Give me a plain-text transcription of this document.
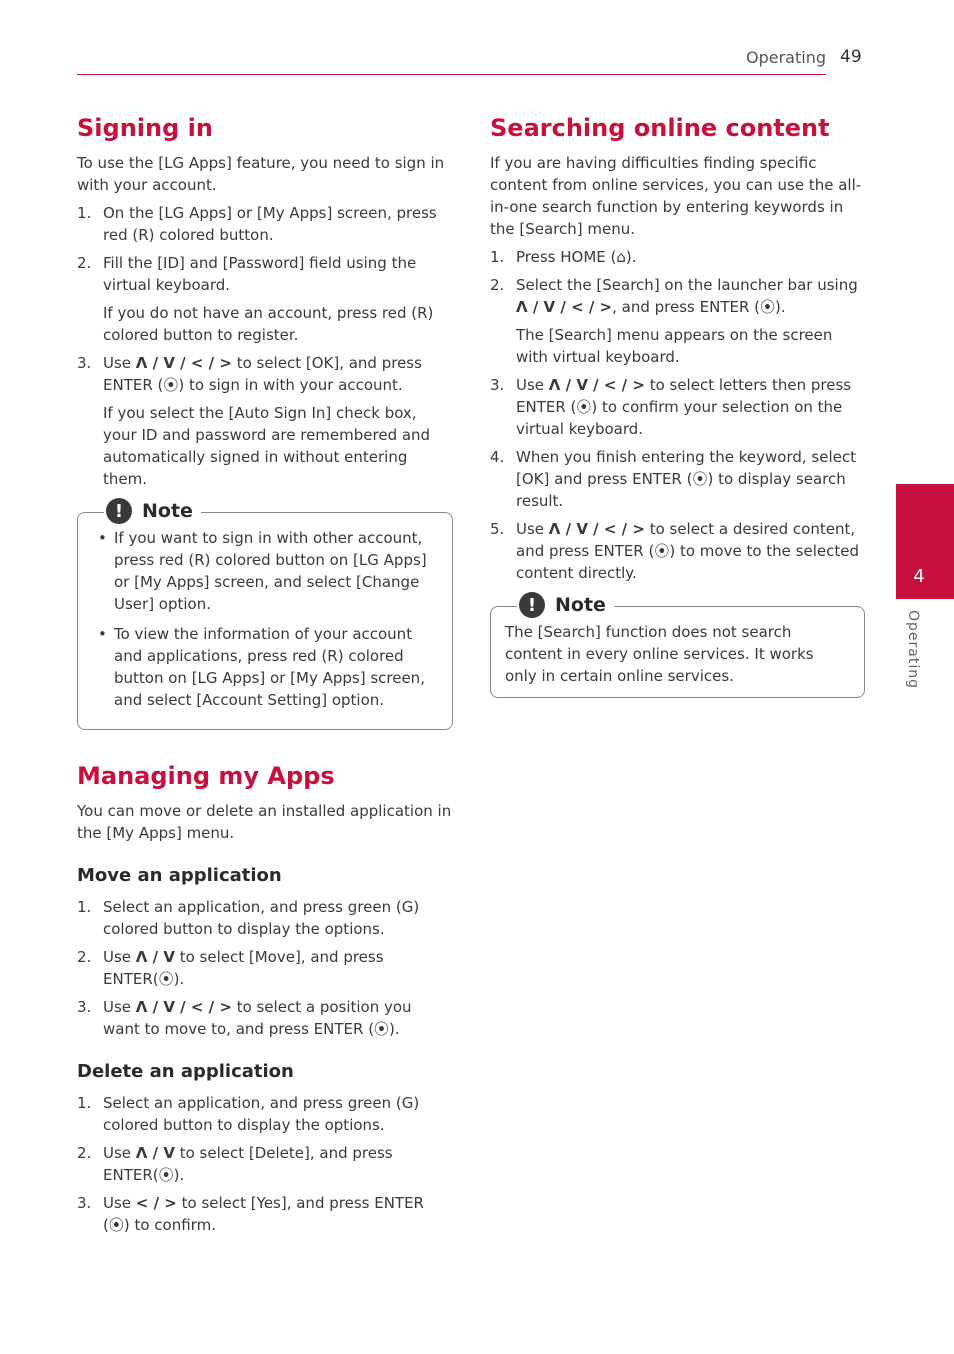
Operating 49
Signing in

To use the [LG Apps] feature, you need to sign in with your account.

1. On the [LG Apps] or [My Apps] screen, press red (R) colored button.
2. Fill the [ID] and [Password] field using the virtual keyboard.
If you do not have an account, press red (R) colored button to register.
3. Use Λ / V / < / > to select [OK], and press ENTER (⦿) to sign in with your account.
If you select the [Auto Sign In] check box, your ID and password are remembered and automatically signed in without entering them.
! Note
• If you want to sign in with other account, press red (R) colored button on [LG Apps] or [My Apps] screen, and select [Change User] option.
• To view the information of your account and applications, press red (R) colored button on [LG Apps] or [My Apps] screen, and select [Account Setting] option.
Managing my Apps

You can move or delete an installed application in the [My Apps] menu.

Move an application
1. Select an application, and press green (G) colored button to display the options.
2. Use Λ / V to select [Move], and press ENTER(⦿).
3. Use Λ / V / < / > to select a position you want to move to, and press ENTER (⦿).
Delete an application
1. Select an application, and press green (G) colored button to display the options.
2. Use Λ / V to select [Delete], and press ENTER(⦿).
3. Use < / > to select [Yes], and press ENTER (⦿) to confirm.
Searching online content

If you are having difficulties finding specific content from online services, you can use the all-in-one search function by entering keywords in the [Search] menu.

1. Press HOME (⌂).
2. Select the [Search] on the launcher bar using Λ / V / < / >, and press ENTER (⦿).
The [Search] menu appears on the screen with virtual keyboard.
3. Use Λ / V / < / > to select letters then press ENTER (⦿) to confirm your selection on the virtual keyboard.
4. When you finish entering the keyword, select [OK] and press ENTER (⦿) to display search result.
5. Use Λ / V / < / > to select a desired content, and press ENTER (⦿) to move to the selected content directly.
! Note

The [Search] function does not search content in every online services. It works only in certain online services.

4
Operating
